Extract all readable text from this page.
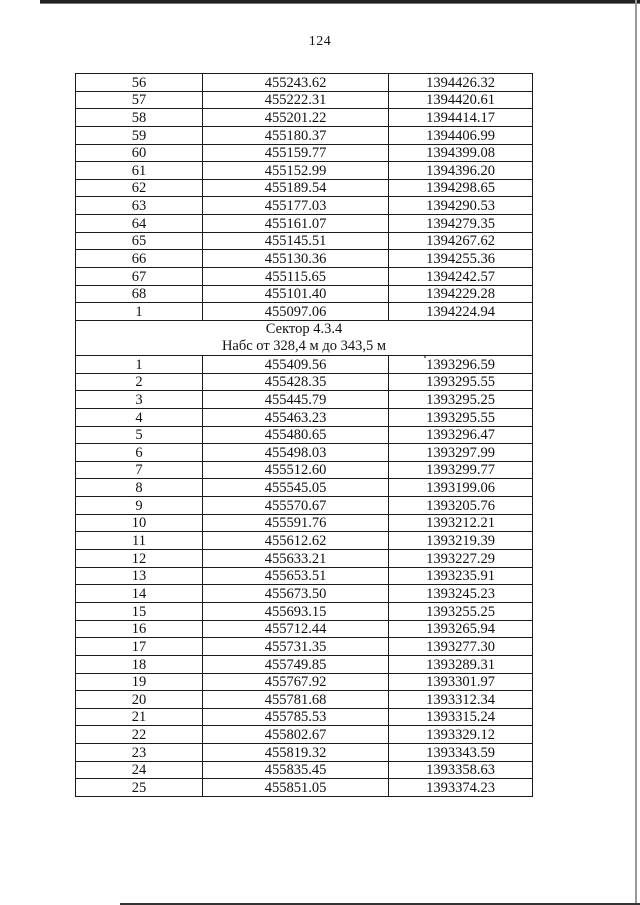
124
56	455243.62	1394426.32
57	455222.31	1394420.61
58	455201.22	1394414.17
59	455180.37	1394406.99
60	455159.77	1394399.08
61	455152.99	1394396.20
62	455189.54	1394298.65
63	455177.03	1394290.53
64	455161.07	1394279.35
65	455145.51	1394267.62
66	455130.36	1394255.36
67	455115.65	1394242.57
68	455101.40	1394229.28
1	455097.06	1394224.94

Сектор 4.3.4
Набс от 328,4 м до 343,5 м		

1	455409.56	1393296.59
2	455428.35	1393295.55
3	455445.79	1393295.25
4	455463.23	1393295.55
5	455480.65	1393296.47
6	455498.03	1393297.99
7	455512.60	1393299.77
8	455545.05	1393199.06
9	455570.67	1393205.76
10	455591.76	1393212.21
11	455612.62	1393219.39
12	455633.21	1393227.29
13	455653.51	1393235.91
14	455673.50	1393245.23
15	455693.15	1393255.25
16	455712.44	1393265.94
17	455731.35	1393277.30
18	455749.85	1393289.31
19	455767.92	1393301.97
20	455781.68	1393312.34
21	455785.53	1393315.24
22	455802.67	1393329.12
23	455819.32	1393343.59
24	455835.45	1393358.63
25	455851.05	1393374.23
